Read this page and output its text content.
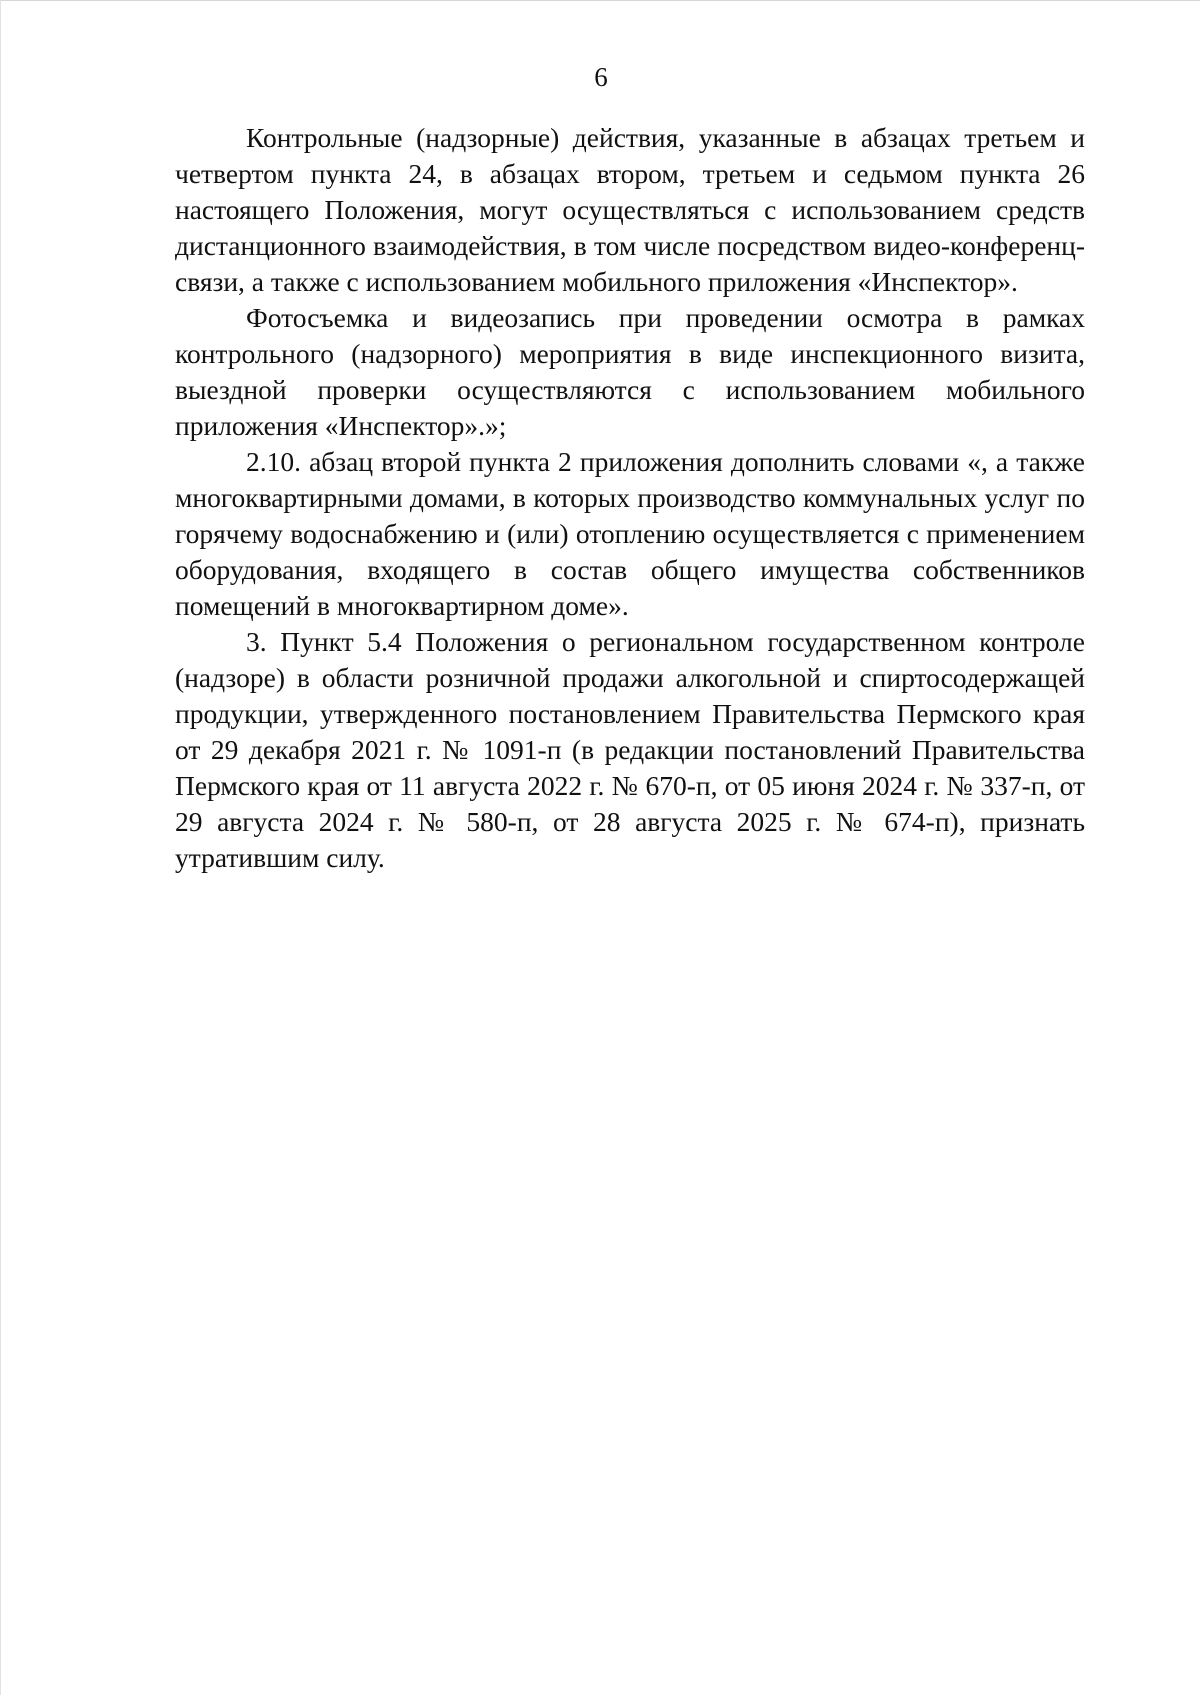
6

Контрольные (надзорные) действия, указанные в абзацах третьем и четвертом пункта 24, в абзацах втором, третьем и седьмом пункта 26 настоящего Положения, могут осуществляться с использованием средств дистанционного взаимодействия, в том числе посредством видео-конференц-связи, а также с использованием мобильного приложения «Инспектор».

Фотосъемка и видеозапись при проведении осмотра в рамках контрольного (надзорного) мероприятия в виде инспекционного визита, выездной проверки осуществляются с использованием мобильного приложения «Инспектор».»;

2.10. абзац второй пункта 2 приложения дополнить словами «, а также многоквартирными домами, в которых производство коммунальных услуг по горячему водоснабжению и (или) отоплению осуществляется с применением оборудования, входящего в состав общего имущества собственников помещений в многоквартирном доме».

3. Пункт 5.4 Положения о региональном государственном контроле (надзоре) в области розничной продажи алкогольной и спиртосодержащей продукции, утвержденного постановлением Правительства Пермского края от 29 декабря 2021 г. № 1091-п (в редакции постановлений Правительства Пермского края от 11 августа 2022 г. № 670-п, от 05 июня 2024 г. № 337-п, от 29 августа 2024 г. № 580-п, от 28 августа 2025 г. № 674-п), признать утратившим силу.
